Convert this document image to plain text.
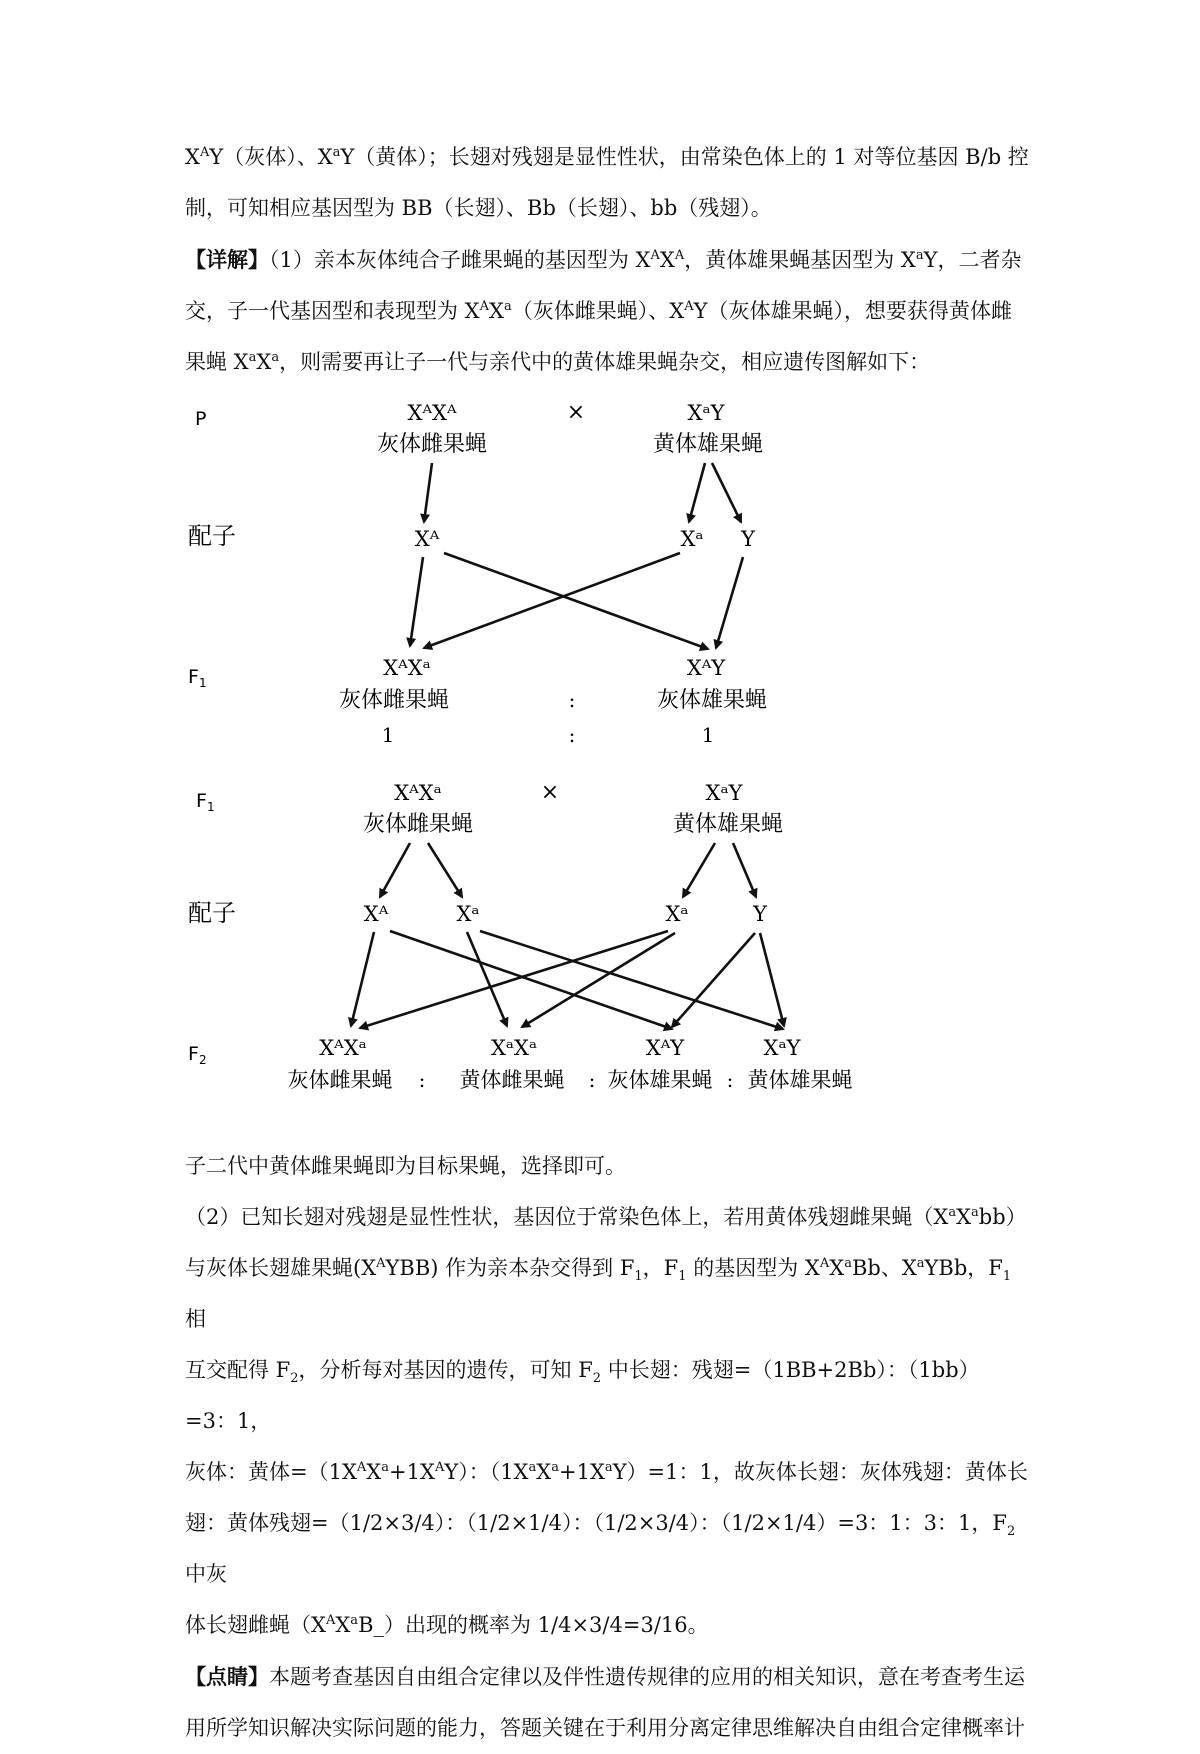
$X^AY$（灰体）、$X^aY$（黄体）；长翅对残翅是显性性状，由常染色体上的 1 对等位基因 B/b 控

制，可知相应基因型为 BB（长翅）、Bb（长翅）、bb（残翅）。

【详解】（1）亲本灰体纯合子雌果蝇的基因型为 $X^AX^A$，黄体雄果蝇基因型为 $X^aY$，二者杂

交，子一代基因型和表现型为 $X^AX^a$（灰体雌果蝇）、$X^AY$（灰体雄果蝇），想要获得黄体雌

果蝇 $X^aX^a$，则需要再让子一代与亲代中的黄体雄果蝇杂交，相应遗传图解如下：

P
配子
$F_1$
XᴬXᴬ
灰体雌果蝇
×	XᵃY
黄体雄果蝇
Xᴬ	Xᵃ Y
XᴬXᵃ
灰体雌果蝇
XᴬY
灰体雄果蝇
:
1	:	1
$F_1$
配子
$F_2$
XᴬXᵃ
灰体雌果蝇
×	XᵃY
黄体雄果蝇
Xᴬ	Xᵃ	Xᵃ	Y
XᴬXᵃ	XᵃXᵃ	XᴬY	XᵃY
灰体雌果蝇 : 黄体雌果蝇 : 灰体雄果蝇 : 黄体雄果蝇

子二代中黄体雌果蝇即为目标果蝇，选择即可。

（2）已知长翅对残翅是显性性状，基因位于常染色体上，若用黄体残翅雌果蝇$(X^aX^abb)$

与灰体长翅雄果蝇$(X^AYBB)$ 作为亲本杂交得到 $F_1$，$F_1$ 的基因型为 $X^AX^aBb$、$X^aYBb$，$F_1$ 相

互交配得 $F_2$，分析每对基因的遗传，可知 $F_2$ 中长翅：残翅=（1BB+2Bb）：（1bb）=3：1，

灰体：黄体$=(1X^AX^a+1X^AY)$：$(1X^aX^a+1X^aY)=1$：1，故灰体长翅：灰体残翅：黄体长

翅：黄体残翅=（1/2×3/4）：（1/2×1/4）：（1/2×3/4）：（1/2×1/4）=3：1：3：1，$F_2$ 中灰

体长翅雌蝇$(X^AX^aB\_)$出现的概率为 1/4×3/4=3/16。

【点睛】本题考查基因自由组合定律以及伴性遗传规律的应用的相关知识，意在考查考生运

用所学知识解决实际问题的能力，答题关键在于利用分离定律思维解决自由组合定律概率计
